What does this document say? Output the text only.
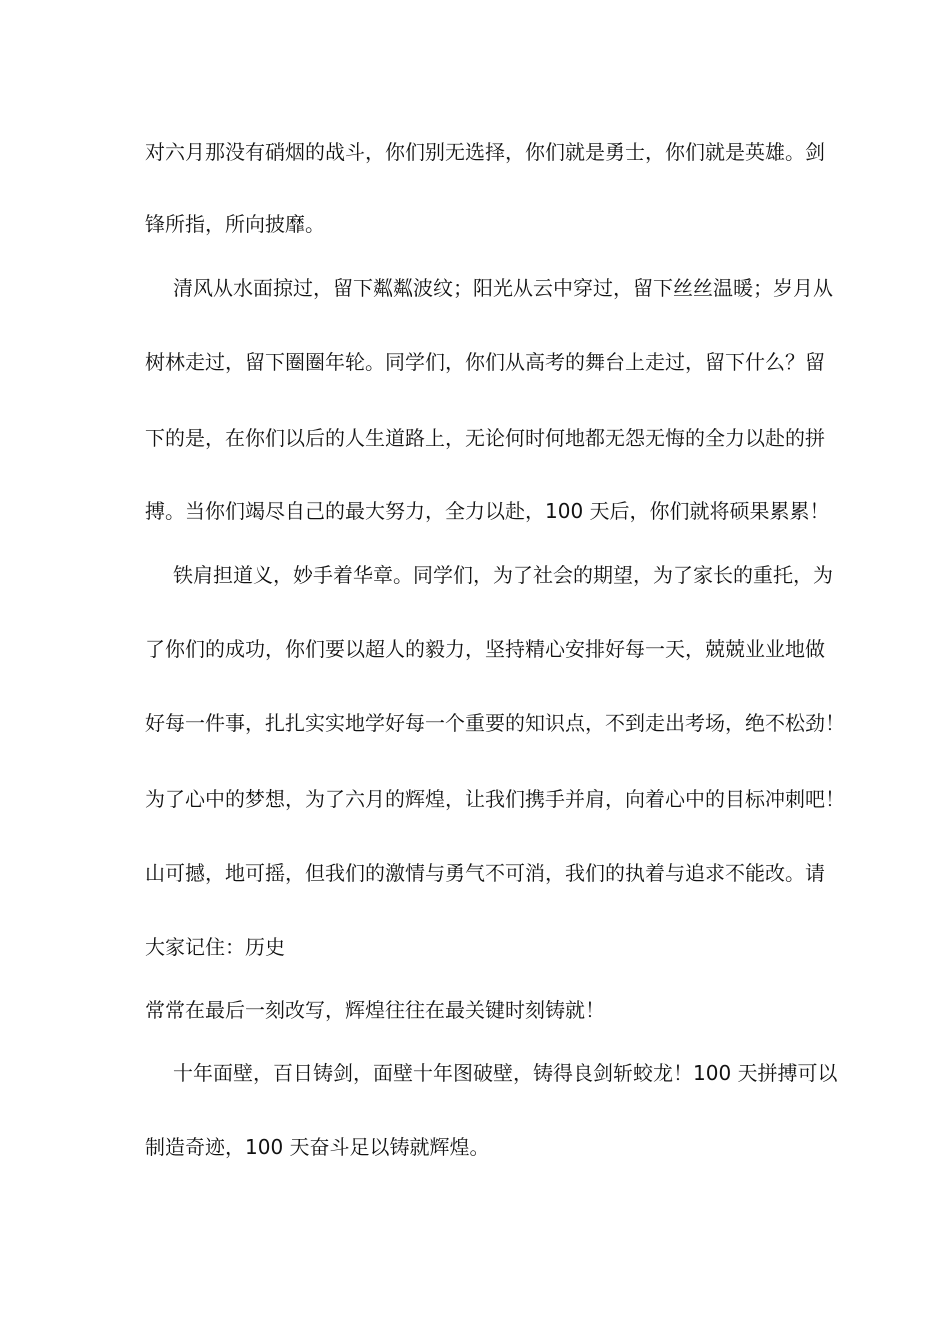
对六月那没有硝烟的战斗，你们别无选择，你们就是勇士，你们就是英雄。剑
锋所指，所向披靡。
清风从水面掠过，留下粼粼波纹；阳光从云中穿过，留下丝丝温暖；岁月从
树林走过，留下圈圈年轮。同学们，你们从高考的舞台上走过，留下什么？留
下的是，在你们以后的人生道路上，无论何时何地都无怨无悔的全力以赴的拼
搏。当你们竭尽自己的最大努力，全力以赴，100 天后，你们就将硕果累累！
铁肩担道义，妙手着华章。同学们，为了社会的期望，为了家长的重托，为
了你们的成功，你们要以超人的毅力，坚持精心安排好每一天，兢兢业业地做
好每一件事，扎扎实实地学好每一个重要的知识点，不到走出考场，绝不松劲！
为了心中的梦想，为了六月的辉煌，让我们携手并肩，向着心中的目标冲刺吧！
山可撼，地可摇，但我们的激情与勇气不可消，我们的执着与追求不能改。请
大家记住：历史
常常在最后一刻改写，辉煌往往在最关键时刻铸就！
十年面壁，百日铸剑，面壁十年图破壁，铸得良剑斩蛟龙！100 天拼搏可以
制造奇迹，100 天奋斗足以铸就辉煌。
